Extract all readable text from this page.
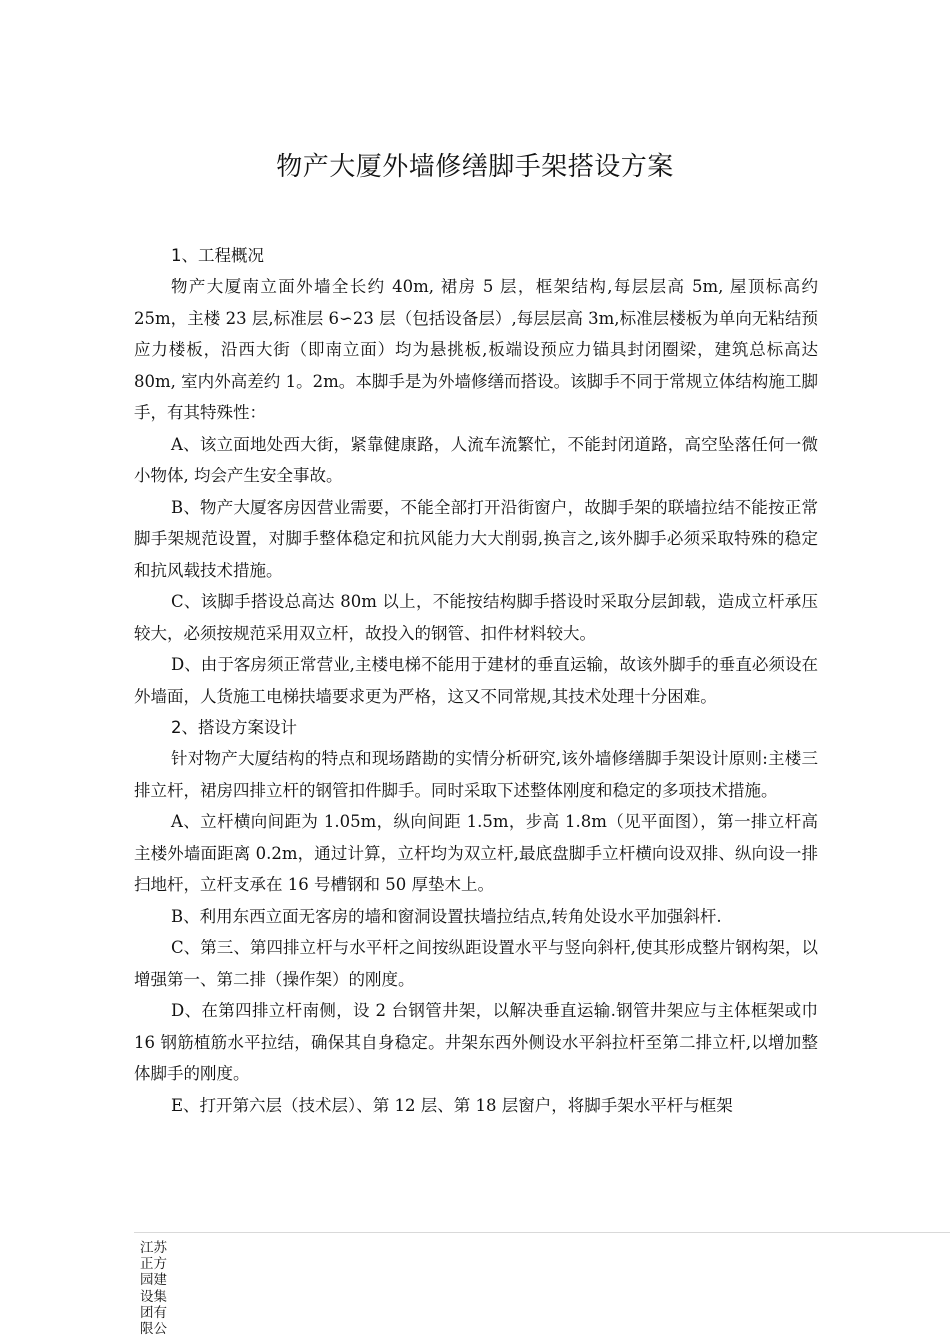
物产大厦外墙修缮脚手架搭设方案

1、工程概况

物产大厦南立面外墙全长约 40m, 裙房 5 层，框架结构,每层层高 5m, 屋顶标高约 25m，主楼 23 层,标准层 6∽23 层（包括设备层）,每层层高 3m,标准层楼板为单向无粘结预应力楼板，沿西大街（即南立面）均为悬挑板,板端设预应力锚具封闭圈梁，建筑总标高达 80m, 室内外高差约 1。2m。本脚手是为外墙修缮而搭设。该脚手不同于常规立体结构施工脚手，有其特殊性：

A、该立面地处西大街，紧靠健康路，人流车流繁忙，不能封闭道路，高空坠落任何一微小物体, 均会产生安全事故。

B、物产大厦客房因营业需要，不能全部打开沿街窗户，故脚手架的联墙拉结不能按正常脚手架规范设置，对脚手整体稳定和抗风能力大大削弱,换言之,该外脚手必须采取特殊的稳定和抗风载技术措施。

C、该脚手搭设总高达 80m 以上，不能按结构脚手搭设时采取分层卸载，造成立杆承压较大，必须按规范采用双立杆，故投入的钢管、扣件材料较大。

D、由于客房须正常营业,主楼电梯不能用于建材的垂直运输，故该外脚手的垂直必须设在外墙面，人货施工电梯扶墙要求更为严格，这又不同常规,其技术处理十分困难。

2、搭设方案设计

针对物产大厦结构的特点和现场踏勘的实情分析研究,该外墙修缮脚手架设计原则:主楼三排立杆，裙房四排立杆的钢管扣件脚手。同时采取下述整体刚度和稳定的多项技术措施。

A、立杆横向间距为 1.05m，纵向间距 1.5m，步高 1.8m（见平面图），第一排立杆高主楼外墙面距离 0.2m，通过计算，立杆均为双立杆,最底盘脚手立杆横向设双排、纵向设一排扫地杆，立杆支承在 16 号槽钢和 50 厚垫木上。

B、利用东西立面无客房的墙和窗洞设置扶墙拉结点,转角处设水平加强斜杆.

C、第三、第四排立杆与水平杆之间按纵距设置水平与竖向斜杆,使其形成整片钢构架，以增强第一、第二排（操作架）的刚度。

D、在第四排立杆南侧，设 2 台钢管井架，以解决垂直运输.钢管井架应与主体框架或巾 16 钢筋植筋水平拉结，确保其自身稳定。井架东西外侧设水平斜拉杆至第二排立杆,以增加整体脚手的刚度。

E、打开第六层（技术层）、第 12 层、第 18 层窗户，将脚手架水平杆与框架

江苏正方园建设集团有限公
